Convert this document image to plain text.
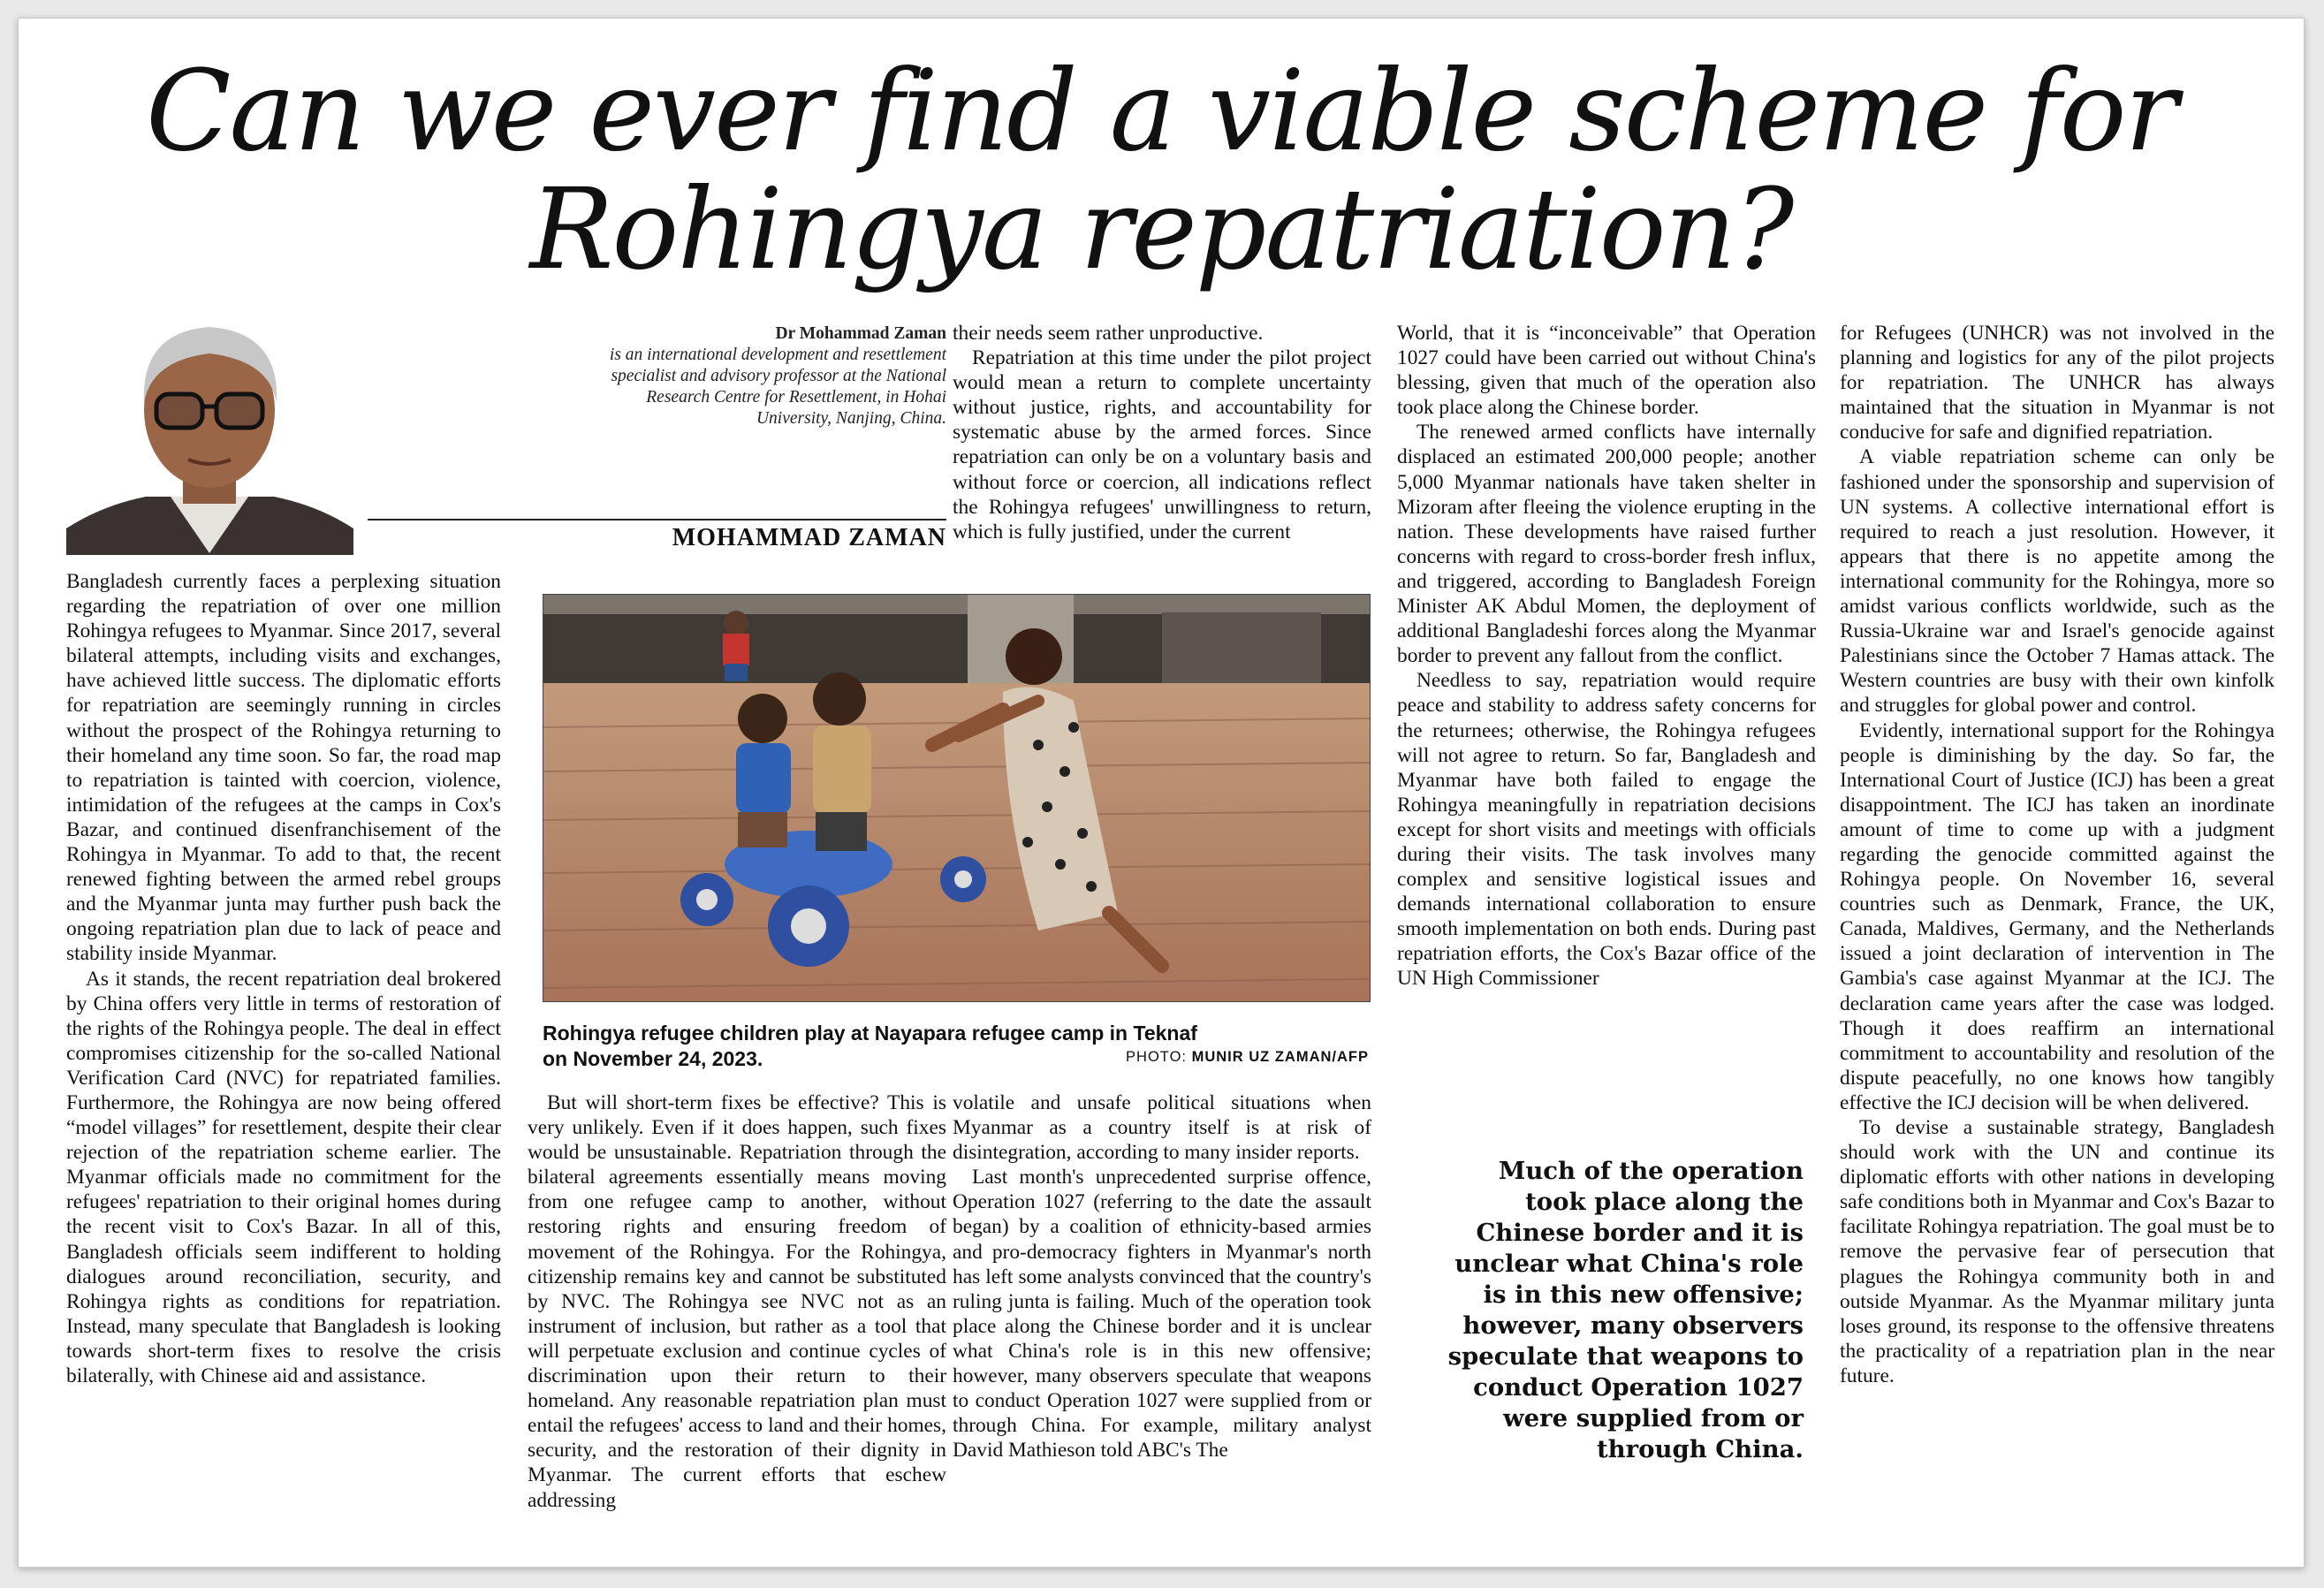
Can we ever find a viable scheme for Rohingya repatriation?
Dr Mohammad Zaman
is an international development and resettlement specialist and advisory professor at the National Research Centre for Resettlement, in Hohai University, Nanjing, China.
MOHAMMAD ZAMAN

Bangladesh currently faces a perplexing situation regarding the repatriation of over one million Rohingya refugees to Myanmar. Since 2017, several bilateral attempts, including visits and exchanges, have achieved little success. The diplomatic efforts for repatriation are seemingly running in circles without the prospect of the Rohingya returning to their homeland any time soon. So far, the road map to repatriation is tainted with coercion, violence, intimidation of the refugees at the camps in Cox's Bazar, and continued disenfranchisement of the Rohingya in Myanmar. To add to that, the recent renewed fighting between the armed rebel groups and the Myanmar junta may further push back the ongoing repatriation plan due to lack of peace and stability inside Myanmar.

As it stands, the recent repatriation deal brokered by China offers very little in terms of restoration of the rights of the Rohingya people. The deal in effect compromises citizenship for the so-called National Verification Card (NVC) for repatriated families. Furthermore, the Rohingya are now being offered “model villages” for resettlement, despite their clear rejection of the repatriation scheme earlier. The Myanmar officials made no commitment for the refugees' repatriation to their original homes during the recent visit to Cox's Bazar. In all of this, Bangladesh officials seem indifferent to holding dialogues around reconciliation, security, and Rohingya rights as conditions for repatriation. Instead, many speculate that Bangladesh is looking towards short-term fixes to resolve the crisis bilaterally, with Chinese aid and assistance.

Rohingya refugee children play at Nayapara refugee camp in Teknaf on November 24, 2023.	PHOTO: MUNIR UZ ZAMAN/AFP

But will short-term fixes be effective? This is very unlikely. Even if it does happen, such fixes would be unsustainable. Repatriation through the bilateral agreements essentially means moving from one refugee camp to another, without restoring rights and ensuring freedom of movement of the Rohingya. For the Rohingya, citizenship remains key and cannot be substituted by NVC. The Rohingya see NVC not as an instrument of inclusion, but rather as a tool that will perpetuate exclusion and continue cycles of discrimination upon their return to their homeland. Any reasonable repatriation plan must entail the refugees' access to land and their homes, security, and the restoration of their dignity in Myanmar. The current efforts that eschew addressing

their needs seem rather unproductive.

Repatriation at this time under the pilot project would mean a return to complete uncertainty without justice, rights, and accountability for systematic abuse by the armed forces. Since repatriation can only be on a voluntary basis and without force or coercion, all indications reflect the Rohingya refugees' unwillingness to return, which is fully justified, under the current

volatile and unsafe political situations when Myanmar as a country itself is at risk of disintegration, according to many insider reports.

Last month's unprecedented surprise offence, Operation 1027 (referring to the date the assault began) by a coalition of ethnicity-based armies and pro-democracy fighters in Myanmar's north has left some analysts convinced that the country's ruling junta is failing. Much of the operation took place along the Chinese border and it is unclear what China's role is in this new offensive; however, many observers speculate that weapons to conduct Operation 1027 were supplied from or through China. For example, military analyst David Mathieson told ABC's The

World, that it is “inconceivable” that Operation 1027 could have been carried out without China's blessing, given that much of the operation also took place along the Chinese border.

The renewed armed conflicts have internally displaced an estimated 200,000 people; another 5,000 Myanmar nationals have taken shelter in Mizoram after fleeing the violence erupting in the nation. These developments have raised further concerns with regard to cross-border fresh influx, and triggered, according to Bangladesh Foreign Minister AK Abdul Momen, the deployment of additional Bangladeshi forces along the Myanmar border to prevent any fallout from the conflict.

Needless to say, repatriation would require peace and stability to address safety concerns for the returnees; otherwise, the Rohingya refugees will not agree to return. So far, Bangladesh and Myanmar have both failed to engage the Rohingya meaningfully in repatriation decisions except for short visits and meetings with officials during their visits. The task involves many complex and sensitive logistical issues and demands international collaboration to ensure smooth implementation on both ends. During past repatriation efforts, the Cox's Bazar office of the UN High Commissioner

Much of the operation took place along the Chinese border and it is unclear what China's role is in this new offensive; however, many observers speculate that weapons to conduct Operation 1027 were supplied from or through China.

for Refugees (UNHCR) was not involved in the planning and logistics for any of the pilot projects for repatriation. The UNHCR has always maintained that the situation in Myanmar is not conducive for safe and dignified repatriation.

A viable repatriation scheme can only be fashioned under the sponsorship and supervision of UN systems. A collective international effort is required to reach a just resolution. However, it appears that there is no appetite among the international community for the Rohingya, more so amidst various conflicts worldwide, such as the Russia-Ukraine war and Israel's genocide against Palestinians since the October 7 Hamas attack. The Western countries are busy with their own kinfolk and struggles for global power and control.

Evidently, international support for the Rohingya people is diminishing by the day. So far, the International Court of Justice (ICJ) has been a great disappointment. The ICJ has taken an inordinate amount of time to come up with a judgment regarding the genocide committed against the Rohingya people. On November 16, several countries such as Denmark, France, the UK, Canada, Maldives, Germany, and the Netherlands issued a joint declaration of intervention in The Gambia's case against Myanmar at the ICJ. The declaration came years after the case was lodged. Though it does reaffirm an international commitment to accountability and resolution of the dispute peacefully, no one knows how tangibly effective the ICJ decision will be when delivered.

To devise a sustainable strategy, Bangladesh should work with the UN and continue its diplomatic efforts with other nations in developing safe conditions both in Myanmar and Cox's Bazar to facilitate Rohingya repatriation. The goal must be to remove the pervasive fear of persecution that plagues the Rohingya community both in and outside Myanmar. As the Myanmar military junta loses ground, its response to the offensive threatens the practicality of a repatriation plan in the near future.
